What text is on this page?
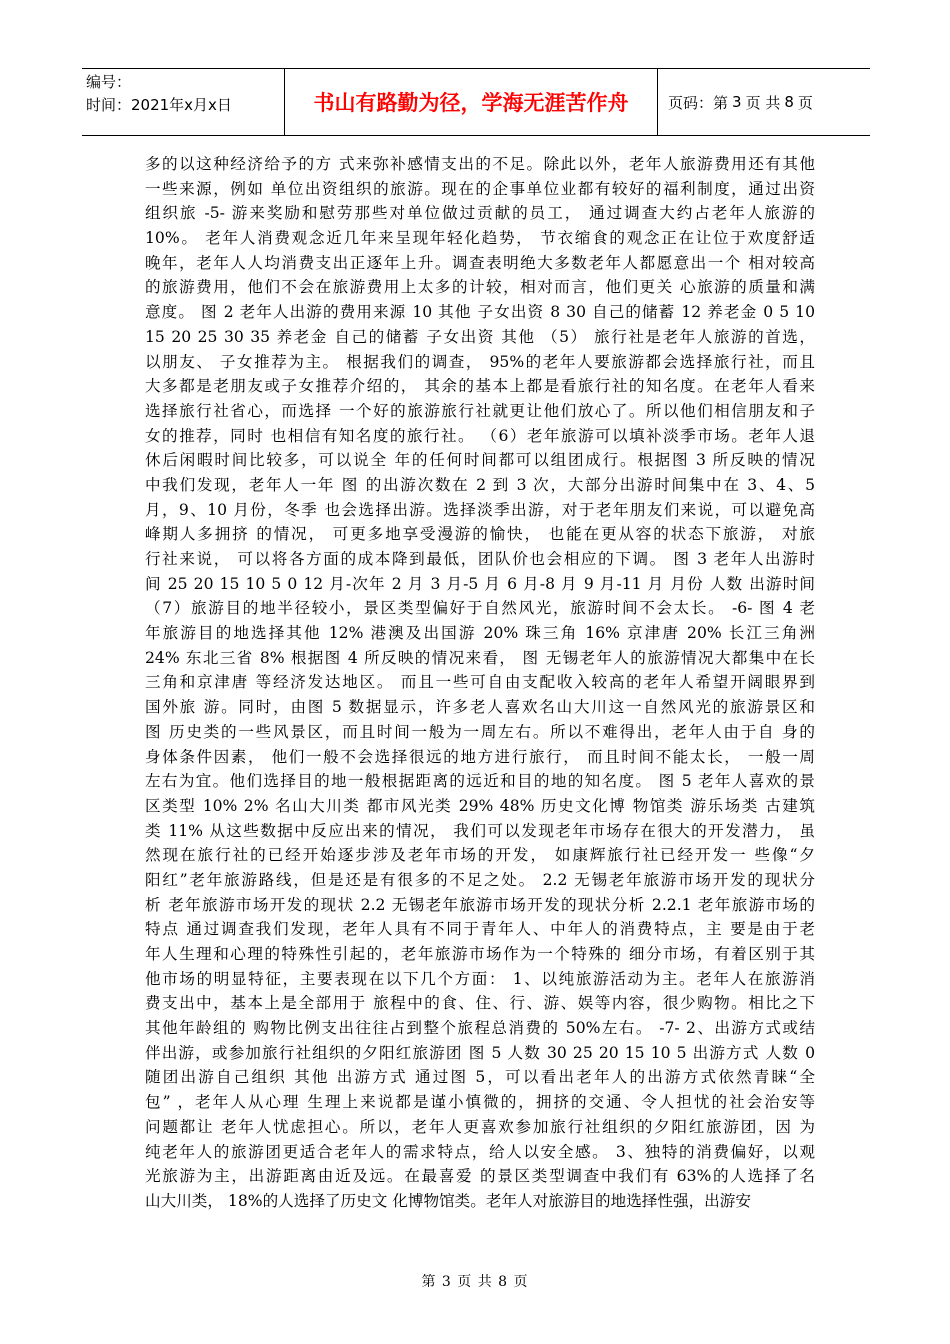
编号：
时间：2021年x月x日	书山有路勤为径，学海无涯苦作舟	页码：第 3 页 共 8 页
多的以这种经济给予的方 式来弥补感情支出的不足。除此以外，老年人旅游费用还有其他
一些来源，例如 单位出资组织的旅游。现在的企事单位业都有较好的福利制度，通过出资
组织旅 -5- 游来奖励和慰劳那些对单位做过贡献的员工， 通过调查大约占老年人旅游的
10%。 老年人消费观念近几年来呈现年轻化趋势， 节衣缩食的观念正在让位于欢度舒适
晚年，老年人人均消费支出正逐年上升。调查表明绝大多数老年人都愿意出一个 相对较高
的旅游费用，他们不会在旅游费用上太多的计较，相对而言，他们更关 心旅游的质量和满
意度。 图 2 老年人出游的费用来源 10 其他 子女出资 8 30 自己的储蓄 12 养老金 0 5 10
15 20 25 30 35 养老金 自己的储蓄 子女出资 其他 （5） 旅行社是老年人旅游的首选，
以朋友、 子女推荐为主。 根据我们的调查， 95%的老年人要旅游都会选择旅行社，而且
大多都是老朋友或子女推荐介绍的， 其余的基本上都是看旅行社的知名度。在老年人看来
选择旅行社省心，而选择 一个好的旅游旅行社就更让他们放心了。所以他们相信朋友和子
女的推荐，同时 也相信有知名度的旅行社。 （6）老年旅游可以填补淡季市场。老年人退
休后闲暇时间比较多，可以说全 年的任何时间都可以组团成行。根据图 3 所反映的情况
中我们发现，老年人一年 图 的出游次数在 2 到 3 次，大部分出游时间集中在 3、4、5
月，9、10 月份，冬季 也会选择出游。选择淡季出游，对于老年朋友们来说，可以避免高
峰期人多拥挤 的情况， 可更多地享受漫游的愉快， 也能在更从容的状态下旅游， 对旅
行社来说， 可以将各方面的成本降到最低，团队价也会相应的下调。 图 3 老年人出游时
间 25 20 15 10 5 0 12 月-次年 2 月 3 月-5 月 6 月-8 月 9 月-11 月 月份 人数 出游时间
（7）旅游目的地半径较小，景区类型偏好于自然风光，旅游时间不会太长。 -6- 图 4 老
年旅游目的地选择其他 12% 港澳及出国游 20% 珠三角 16% 京津唐 20% 长江三角洲
24% 东北三省 8% 根据图 4 所反映的情况来看， 图 无锡老年人的旅游情况大都集中在长
三角和京津唐 等经济发达地区。 而且一些可自由支配收入较高的老年人希望开阔眼界到
国外旅 游。同时，由图 5 数据显示，许多老人喜欢名山大川这一自然风光的旅游景区和
图 历史类的一些风景区，而且时间一般为一周左右。所以不难得出，老年人由于自 身的
身体条件因素， 他们一般不会选择很远的地方进行旅行， 而且时间不能太长， 一般一周
左右为宜。他们选择目的地一般根据距离的远近和目的地的知名度。 图 5 老年人喜欢的景
区类型 10% 2% 名山大川类 都市风光类 29% 48% 历史文化博 物馆类 游乐场类 古建筑
类 11% 从这些数据中反应出来的情况， 我们可以发现老年市场存在很大的开发潜力， 虽
然现在旅行社的已经开始逐步涉及老年市场的开发， 如康辉旅行社已经开发一 些像“夕
阳红”老年旅游路线，但是还是有很多的不足之处。 2.2 无锡老年旅游市场开发的现状分
析 老年旅游市场开发的现状 2.2 无锡老年旅游市场开发的现状分析 2.2.1 老年旅游市场的
特点 通过调查我们发现，老年人具有不同于青年人、中年人的消费特点，主 要是由于老
年人生理和心理的特殊性引起的，老年旅游市场作为一个特殊的 细分市场，有着区别于其
他市场的明显特征，主要表现在以下几个方面： 1、以纯旅游活动为主。老年人在旅游消
费支出中，基本上是全部用于 旅程中的食、住、行、游、娱等内容，很少购物。相比之下
其他年龄组的 购物比例支出往往占到整个旅程总消费的 50%左右。 -7- 2、出游方式或结
伴出游，或参加旅行社组织的夕阳红旅游团 图 5 人数 30 25 20 15 10 5 出游方式 人数 0
随团出游自己组织 其他 出游方式 通过图 5，可以看出老年人的出游方式依然青睐“全
包” ，老年人从心理 生理上来说都是谨小慎微的，拥挤的交通、令人担忧的社会治安等
问题都让 老年人忧虑担心。所以，老年人更喜欢参加旅行社组织的夕阳红旅游团，因 为
纯老年人的旅游团更适合老年人的需求特点，给人以安全感。 3、独特的消费偏好，以观
光旅游为主，出游距离由近及远。在最喜爱 的景区类型调查中我们有 63%的人选择了名
山大川类， 18%的人选择了历史文 化博物馆类。老年人对旅游目的地选择性强，出游安
第 3 页 共 8 页
